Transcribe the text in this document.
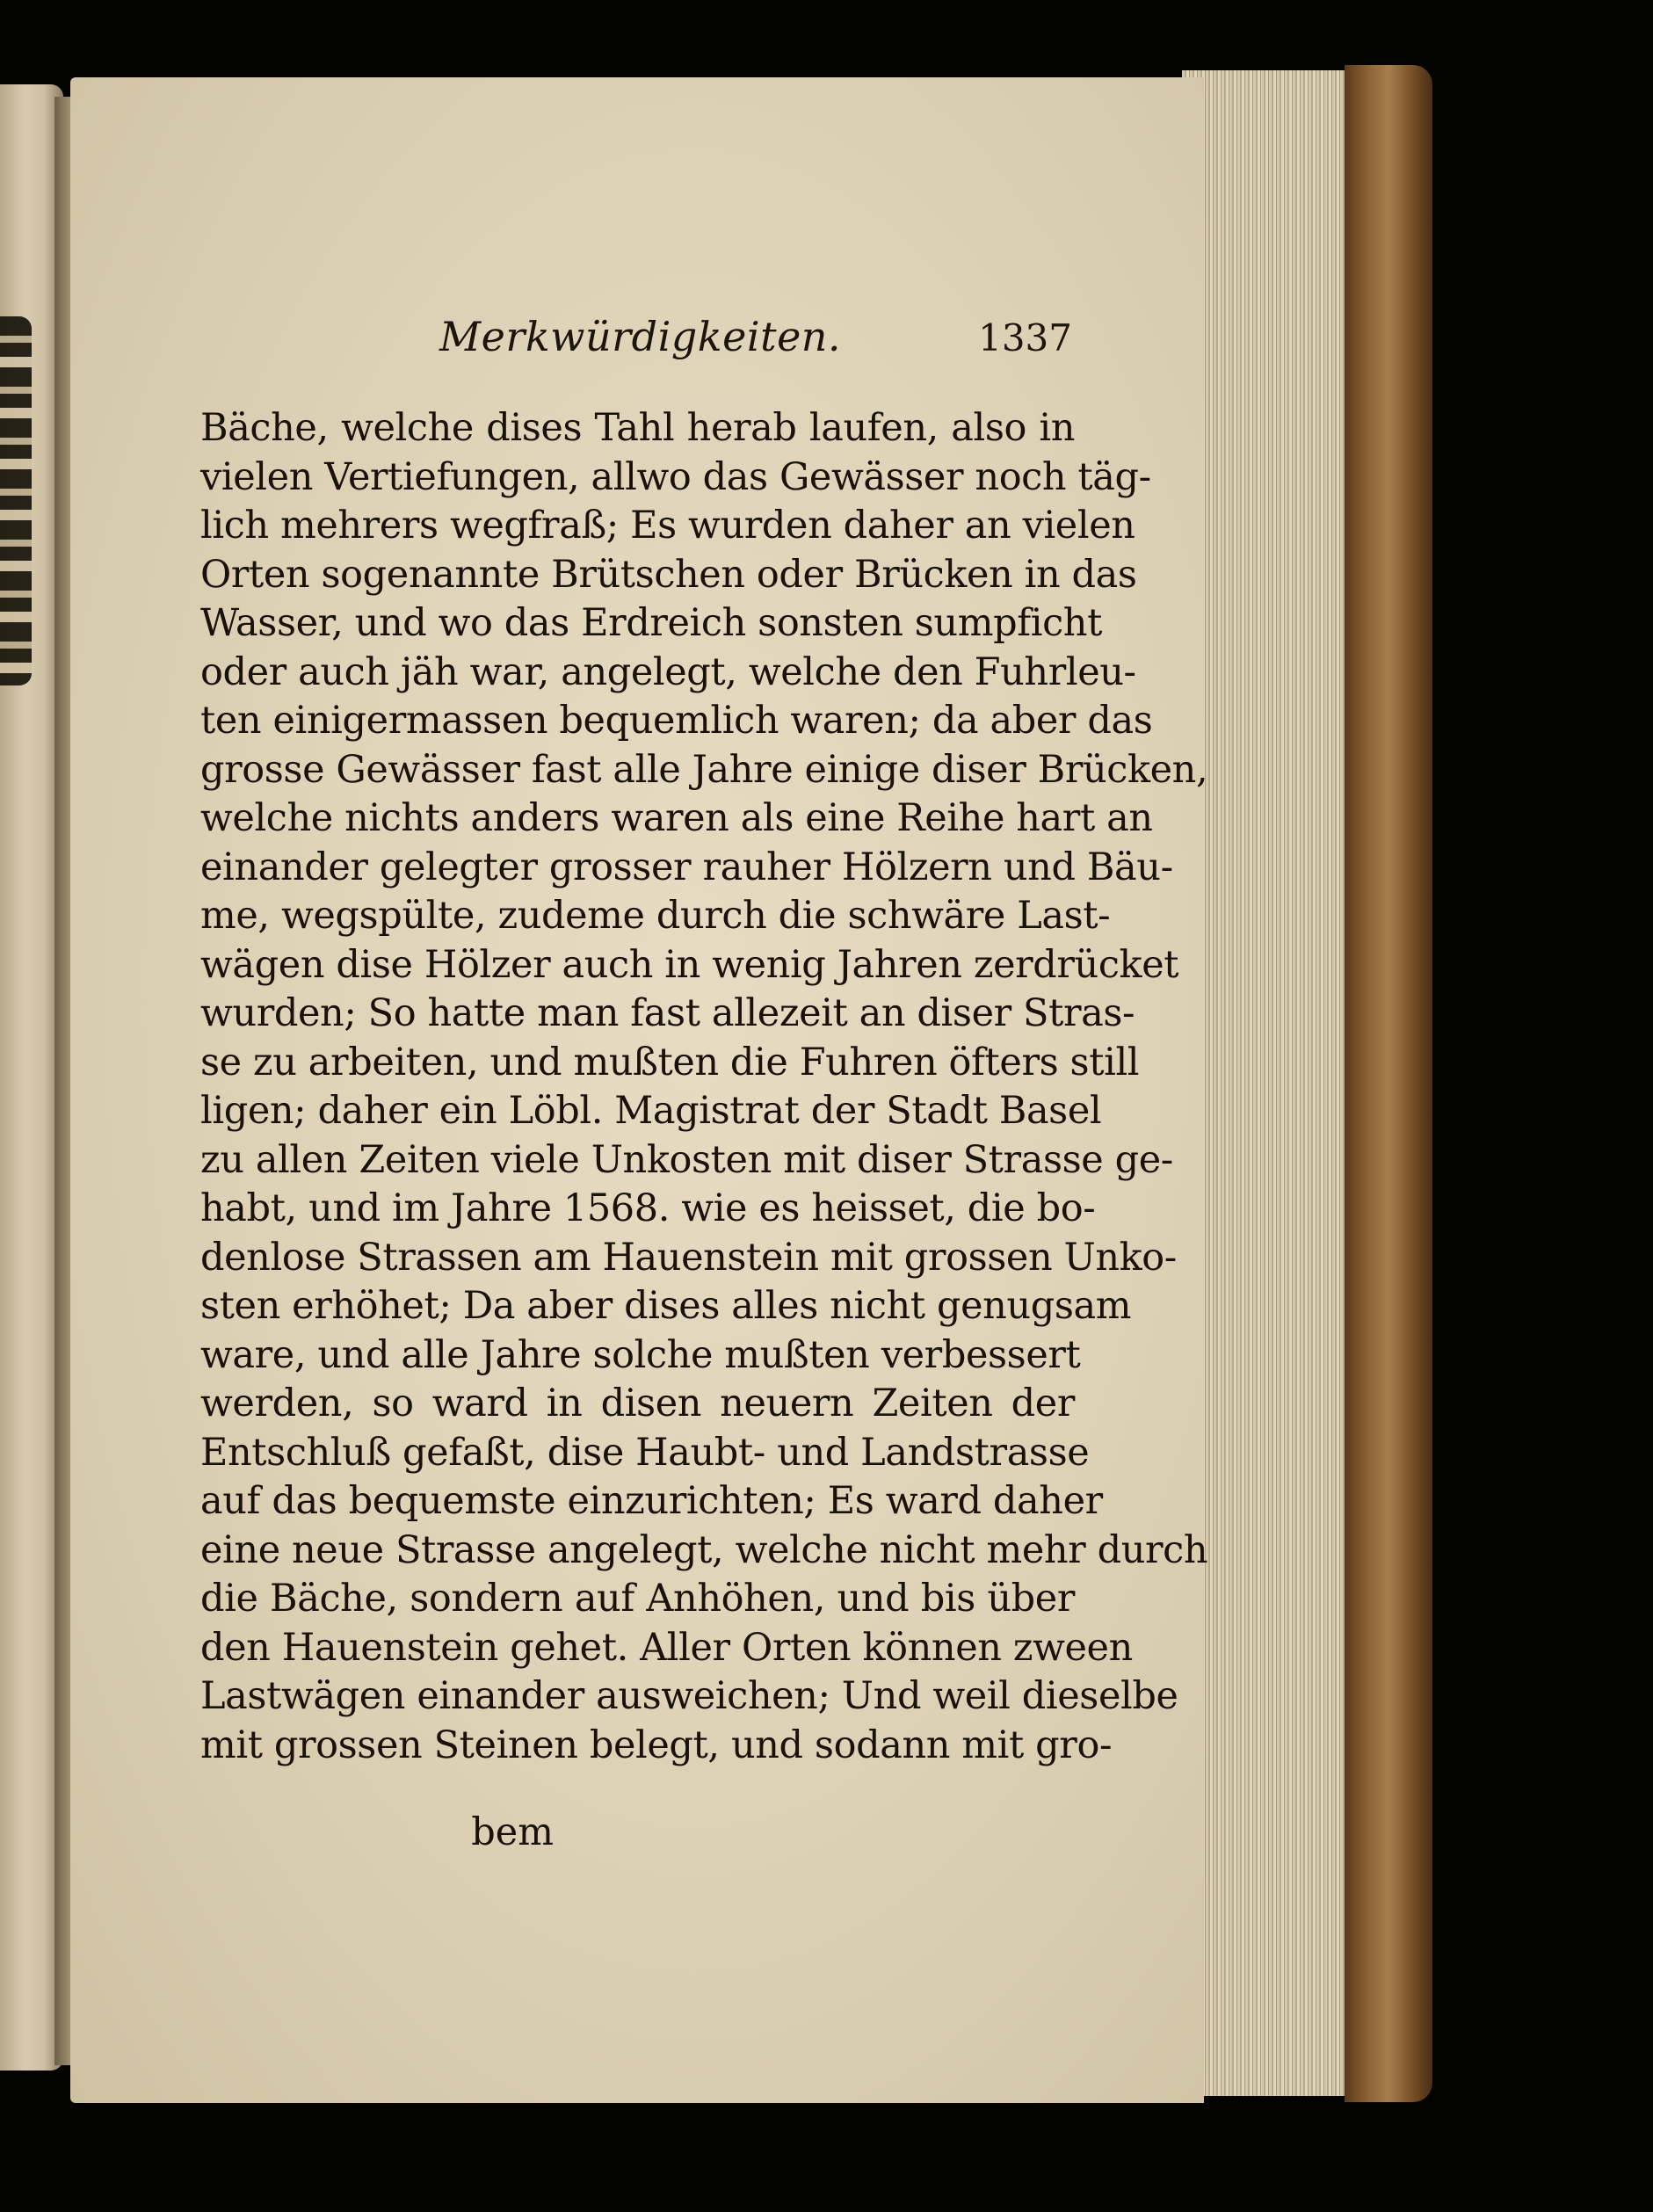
Merkwürdigkeiten.	1337
Bäche, welche dises Tahl herab laufen, also in
vielen Vertiefungen, allwo das Gewässer noch täg-
lich mehrers wegfraß; Es wurden daher an vielen
Orten sogenannte Brütschen oder Brücken in das
Wasser, und wo das Erdreich sonsten sumpficht
oder auch jäh war, angelegt, welche den Fuhrleu-
ten einigermassen bequemlich waren; da aber das
grosse Gewässer fast alle Jahre einige diser Brücken,
welche nichts anders waren als eine Reihe hart an
einander gelegter grosser rauher Hölzern und Bäu-
me, wegspülte, zudeme durch die schwäre Last-
wägen dise Hölzer auch in wenig Jahren zerdrücket
wurden; So hatte man fast allezeit an diser Stras-
se zu arbeiten, und mußten die Fuhren öfters still
ligen; daher ein Löbl. Magistrat der Stadt Basel
zu allen Zeiten viele Unkosten mit diser Strasse ge-
habt, und im Jahre 1568. wie es heisset, die bo-
denlose Strassen am Hauenstein mit grossen Unko-
sten erhöhet; Da aber dises alles nicht genugsam
ware, und alle Jahre solche mußten verbessert
werden, so ward in disen neuern Zeiten der
Entschluß gefaßt, dise Haubt- und Landstrasse
auf das bequemste einzurichten; Es ward daher
eine neue Strasse angelegt, welche nicht mehr durch
die Bäche, sondern auf Anhöhen, und bis über
den Hauenstein gehet. Aller Orten können zween
Lastwägen einander ausweichen; Und weil dieselbe
mit grossen Steinen belegt, und sodann mit gro-
bem
